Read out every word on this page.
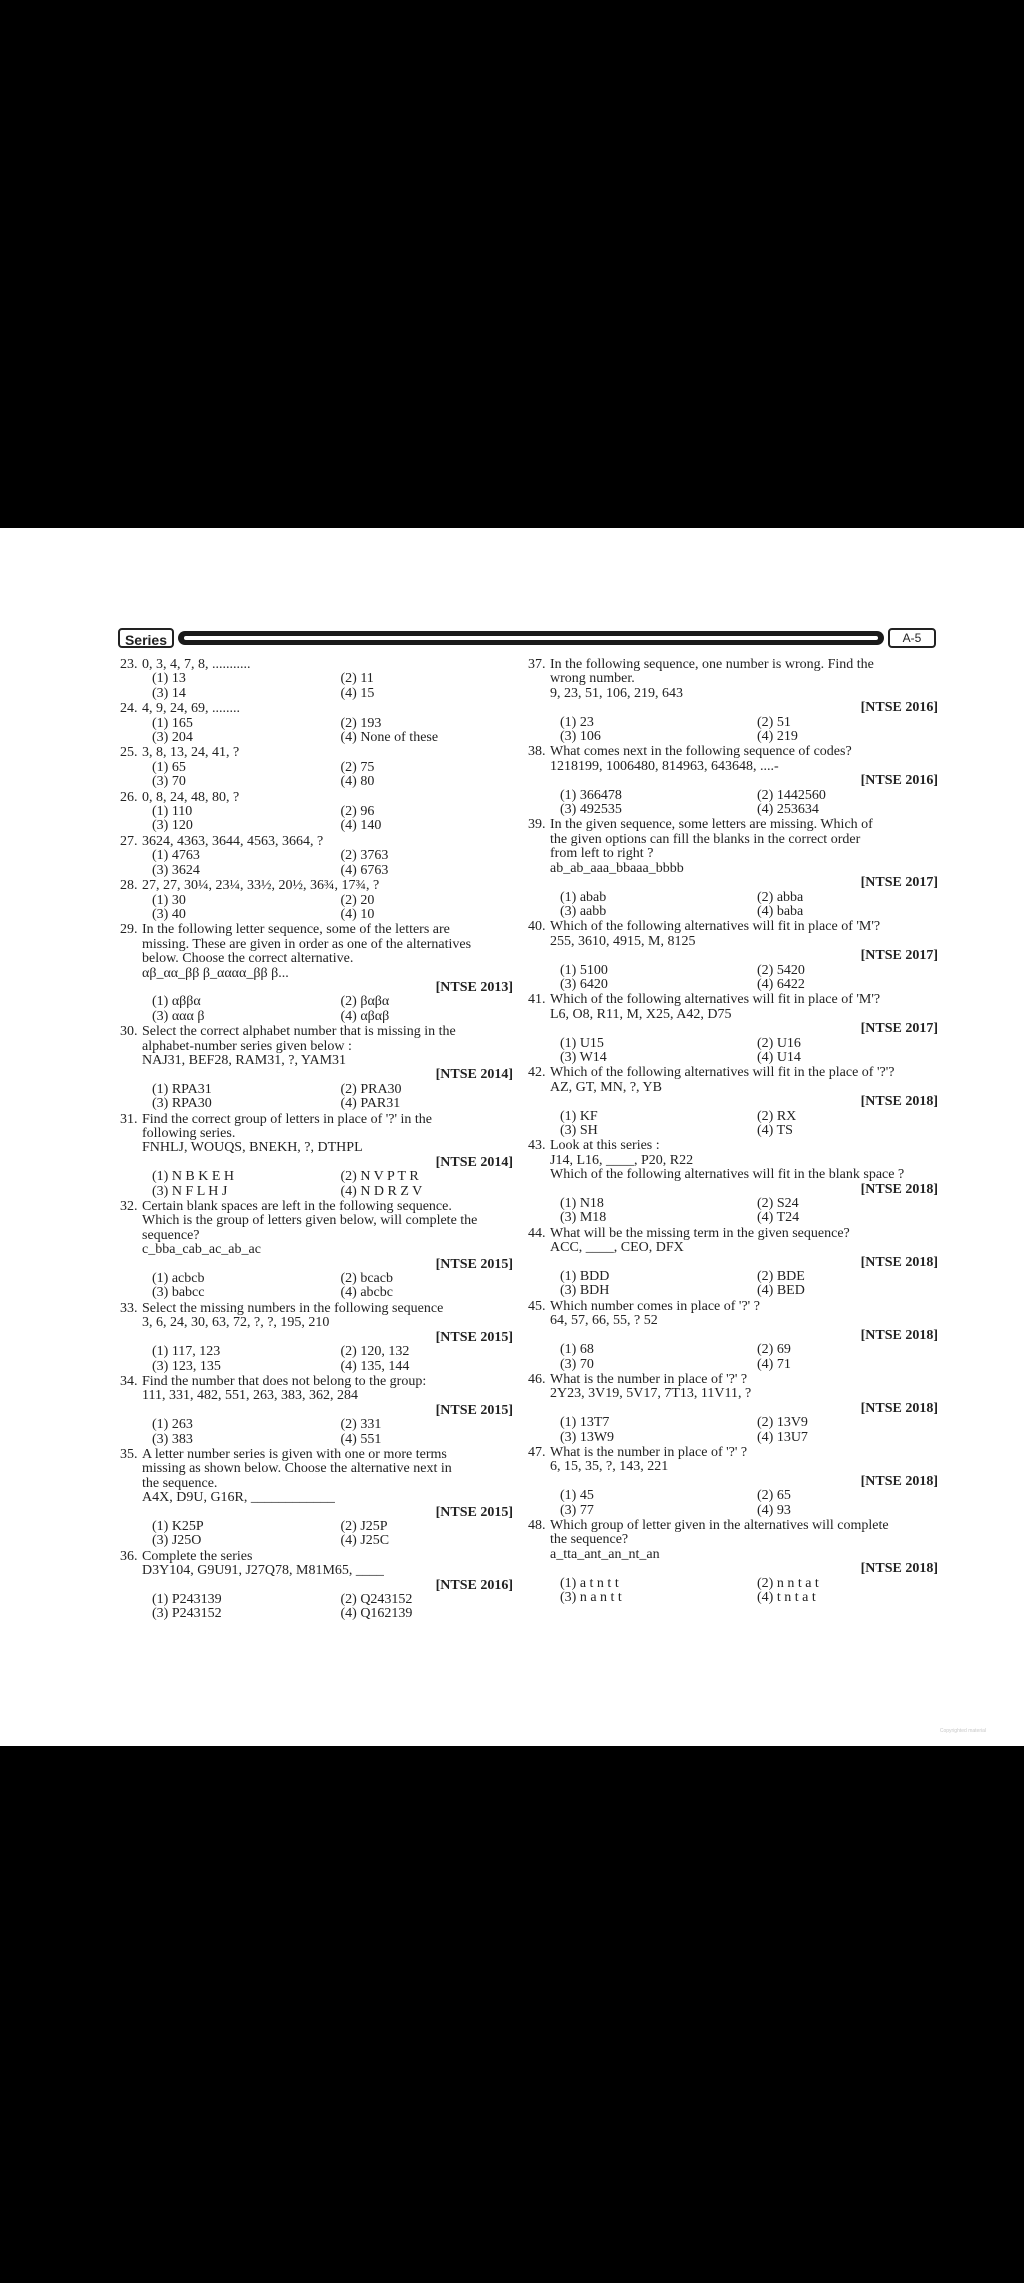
Series	A-5
23. 0, 3, 4, 7, 8, ...........
(1) 13	(2) 11
(3) 14	(4) 15
24. 4, 9, 24, 69, ........
(1) 165	(2) 193
(3) 204	(4) None of these
25. 3, 8, 13, 24, 41, ?
(1) 65	(2) 75
(3) 70	(4) 80
26. 0, 8, 24, 48, 80, ?
(1) 110	(2) 96
(3) 120	(4) 140
27. 3624, 4363, 3644, 4563, 3664, ?
(1) 4763	(2) 3763
(3) 3624	(4) 6763
28. 27, 27, 30¼, 23¼, 33½, 20½, 36¾, 17¾, ?
(1) 30	(2) 20
(3) 40	(4) 10
29. In the following letter sequence, some of the letters are
missing. These are given in order as one of the alternatives
below. Choose the correct alternative.
αβ_αα_ββ β_αααα_ββ β...
[NTSE 2013]
(1) αββα	(2) βαβα
(3) ααα β	(4) αβαβ
30. Select the correct alphabet number that is missing in the
alphabet-number series given below :
NAJ31, BEF28, RAM31, ?, YAM31
[NTSE 2014]
(1) RPA31	(2) PRA30
(3) RPA30	(4) PAR31
31. Find the correct group of letters in place of '?' in the
following series.
FNHLJ, WOUQS, BNEKH, ?, DTHPL
[NTSE 2014]
(1) N B K E H	(2) N V P T R
(3) N F L H J	(4) N D R Z V
32. Certain blank spaces are left in the following sequence.
Which is the group of letters given below, will complete the
sequence?
c_bba_cab_ac_ab_ac
[NTSE 2015]
(1) acbcb	(2) bcacb
(3) babcc	(4) abcbc
33. Select the missing numbers in the following sequence
3, 6, 24, 30, 63, 72, ?, ?, 195, 210
[NTSE 2015]
(1) 117, 123	(2) 120, 132
(3) 123, 135	(4) 135, 144
34. Find the number that does not belong to the group:
111, 331, 482, 551, 263, 383, 362, 284
[NTSE 2015]
(1) 263	(2) 331
(3) 383	(4) 551
35. A letter number series is given with one or more terms
missing as shown below. Choose the alternative next in
the sequence.
A4X, D9U, G16R, ____________
[NTSE 2015]
(1) K25P	(2) J25P
(3) J25O	(4) J25C
36. Complete the series
D3Y104, G9U91, J27Q78, M81M65, ____
[NTSE 2016]
(1) P243139	(2) Q243152
(3) P243152	(4) Q162139
37. In the following sequence, one number is wrong. Find the
wrong number.
9, 23, 51, 106, 219, 643
[NTSE 2016]
(1) 23	(2) 51
(3) 106	(4) 219
38. What comes next in the following sequence of codes?
1218199, 1006480, 814963, 643648, ....-
[NTSE 2016]
(1) 366478	(2) 1442560
(3) 492535	(4) 253634
39. In the given sequence, some letters are missing. Which of
the given options can fill the blanks in the correct order
from left to right ?
ab_ab_aaa_bbaaa_bbbb
[NTSE 2017]
(1) abab	(2) abba
(3) aabb	(4) baba
40. Which of the following alternatives will fit in place of 'M'?
255, 3610, 4915, M, 8125
[NTSE 2017]
(1) 5100	(2) 5420
(3) 6420	(4) 6422
41. Which of the following alternatives will fit in place of 'M'?
L6, O8, R11, M, X25, A42, D75
[NTSE 2017]
(1) U15	(2) U16
(3) W14	(4) U14
42. Which of the following alternatives will fit in the place of '?'?
AZ, GT, MN, ?, YB
[NTSE 2018]
(1) KF	(2) RX
(3) SH	(4) TS
43. Look at this series :
J14, L16, ____, P20, R22
Which of the following alternatives will fit in the blank space ?
[NTSE 2018]
(1) N18	(2) S24
(3) M18	(4) T24
44. What will be the missing term in the given sequence?
ACC, ____, CEO, DFX
[NTSE 2018]
(1) BDD	(2) BDE
(3) BDH	(4) BED
45. Which number comes in place of '?' ?
64, 57, 66, 55, ? 52
[NTSE 2018]
(1) 68	(2) 69
(3) 70	(4) 71
46. What is the number in place of '?' ?
2Y23, 3V19, 5V17, 7T13, 11V11, ?
[NTSE 2018]
(1) 13T7	(2) 13V9
(3) 13W9	(4) 13U7
47. What is the number in place of '?' ?
6, 15, 35, ?, 143, 221
[NTSE 2018]
(1) 45	(2) 65
(3) 77	(4) 93
48. Which group of letter given in the alternatives will complete
the sequence?
a_tta_ant_an_nt_an
[NTSE 2018]
(1) a t n t t	(2) n n t a t
(3) n a n t t	(4) t n t a t
Copyrighted material
